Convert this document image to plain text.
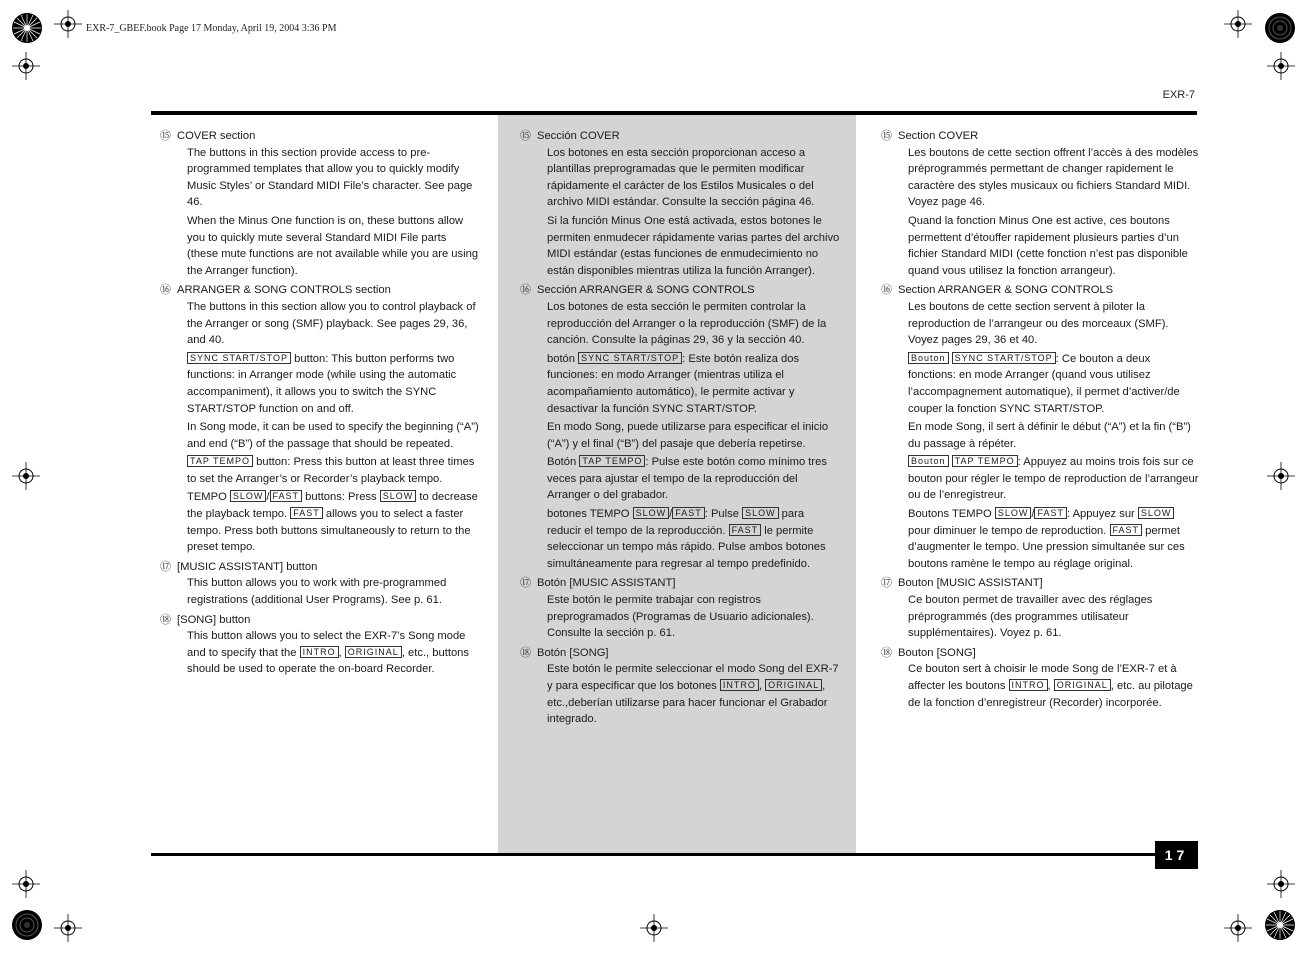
EXR-7_GBEF.book Page 17 Monday, April 19, 2004 3:36 PM
EXR-7

⑮ COVER section

The buttons in this section provide access to pre-programmed templates that allow you to quickly modify Music Styles’ or Standard MIDI File’s character. See page 46.

When the Minus One function is on, these buttons allow you to quickly mute several Standard MIDI File parts (these mute functions are not available while you are using the Arranger function).

⑯ ARRANGER & SONG CONTROLS section

The buttons in this section allow you to control playback of the Arranger or song (SMF) playback. See pages 29, 36, and 40.

SYNC START/STOP button: This button performs two functions: in Arranger mode (while using the automatic accompaniment), it allows you to switch the SYNC START/STOP function on and off.

In Song mode, it can be used to specify the beginning (“A”) and end (“B”) of the passage that should be repeated.

TAP TEMPO button: Press this button at least three times to set the Arranger’s or Recorder’s playback tempo.

TEMPO SLOW / FAST buttons: Press SLOW to decrease the playback tempo. FAST allows you to select a faster tempo. Press both buttons simultaneously to return to the preset tempo.

⑰ [MUSIC ASSISTANT] button

This button allows you to work with pre-programmed registrations (additional User Programs). See p. 61.

⑱ [SONG] button

This button allows you to select the EXR-7’s Song mode and to specify that the INTRO , ORIGINAL , etc., buttons should be used to operate the on-board Recorder.

⑮ Sección COVER

Los botones en esta sección proporcionan acceso a plantillas preprogramadas que le permiten modificar rápidamente el carácter de los Estilos Musicales o del archivo MIDI estándar. Consulte la sección página 46.

Si la función Minus One está activada, estos botones le permiten enmudecer rápidamente varias partes del archivo MIDI estándar (estas funciones de enmudecimiento no están disponibles mientras utiliza la función Arranger).

⑯ Sección ARRANGER & SONG CONTROLS

Los botones de esta sección le permiten controlar la reproducción del Arranger o la reproducción (SMF) de la canción. Consulte la páginas 29, 36 y la sección 40.

botón SYNC START/STOP : Este botón realiza dos funciones: en modo Arranger (mientras utiliza el acompañamiento automático), le permite activar y desactivar la función SYNC START/STOP.

En modo Song, puede utilizarse para especificar el inicio (“A”) y el final (“B”) del pasaje que debería repetirse.

Botón TAP TEMPO : Pulse este botón como mínimo tres veces para ajustar el tempo de la reproducción del Arranger o del grabador.

botones TEMPO SLOW / FAST : Pulse SLOW para reducir el tempo de la reproducción. FAST le permite seleccionar un tempo más rápido. Pulse ambos botones simultáneamente para regresar al tempo predefinido.

⑰ Botón [MUSIC ASSISTANT]

Este botón le permite trabajar con registros preprogramados (Programas de Usuario adicionales). Consulte la sección p. 61.

⑱ Botón [SONG]

Este botón le permite seleccionar el modo Song del EXR-7 y para especificar que los botones INTRO , ORIGINAL , etc.,deberían utilizarse para hacer funcionar el Grabador integrado.

⑮ Section COVER

Les boutons de cette section offrent l’accès à des modèles préprogrammés permettant de changer rapidement le caractère des styles musicaux ou fichiers Standard MIDI. Voyez page 46.

Quand la fonction Minus One est active, ces boutons permettent d’étouffer rapidement plusieurs parties d’un fichier Standard MIDI (cette fonction n’est pas disponible quand vous utilisez la fonction arrangeur).

⑯ Section ARRANGER & SONG CONTROLS

Les boutons de cette section servent à piloter la reproduction de l’arrangeur ou des morceaux (SMF). Voyez pages 29, 36 et 40.

Bouton SYNC START/STOP : Ce bouton a deux fonctions: en mode Arranger (quand vous utilisez l’accompagnement automatique), il permet d’activer/de couper la fonction SYNC START/STOP.

En mode Song, il sert à définir le début (“A”) et la fin (“B”) du passage à répéter.

Bouton TAP TEMPO : Appuyez au moins trois fois sur ce bouton pour régler le tempo de reproduction de l’arrangeur ou de l’enregistreur.

Boutons TEMPO SLOW / FAST : Appuyez sur SLOW pour diminuer le tempo de reproduction. FAST permet d’augmenter le tempo. Une pression simultanée sur ces boutons ramène le tempo au réglage original.

⑰ Bouton [MUSIC ASSISTANT]

Ce bouton permet de travailler avec des réglages préprogrammés (des programmes utilisateur supplémentaires). Voyez p. 61.

⑱ Bouton [SONG]

Ce bouton sert à choisir le mode Song de l’EXR-7 et à affecter les boutons INTRO , ORIGINAL , etc. au pilotage de la fonction d’enregistreur (Recorder) incorporée.

17
